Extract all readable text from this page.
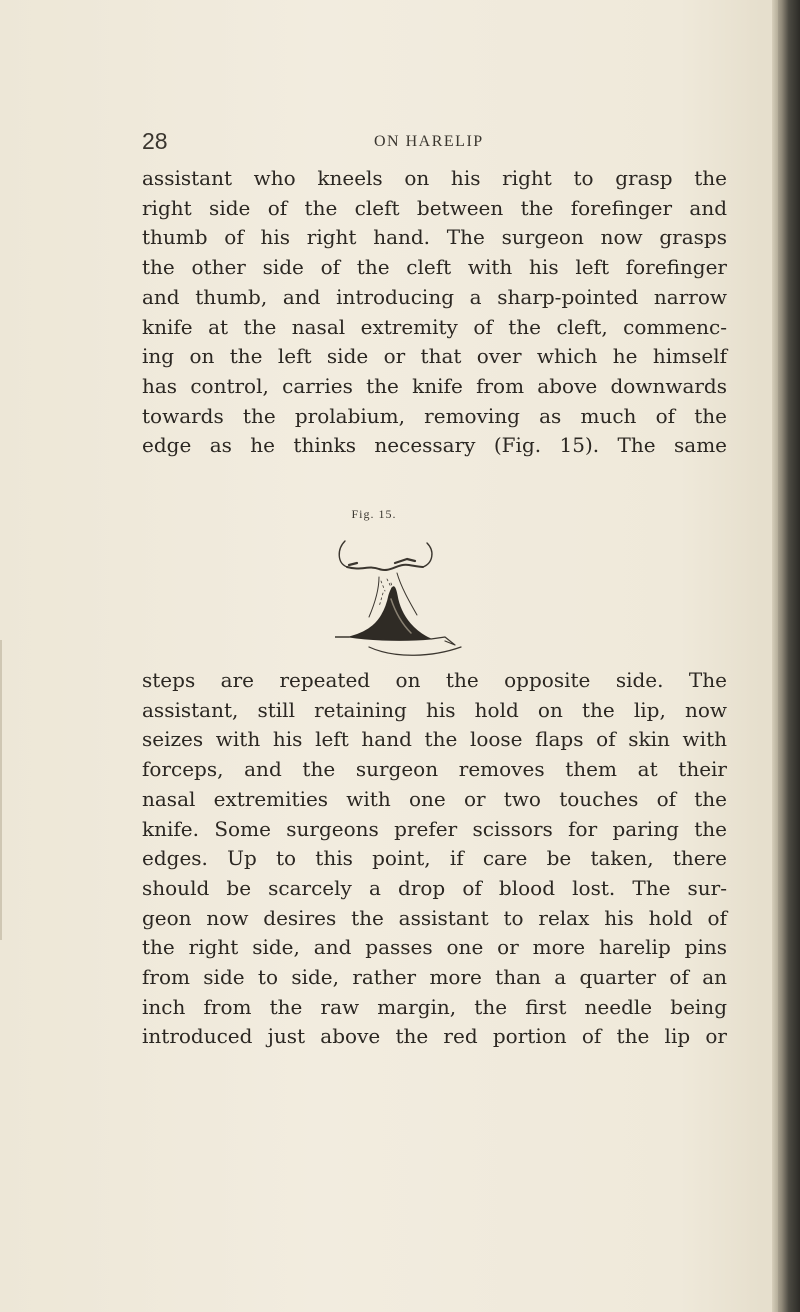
28	ON HARELIP

assistant who kneels on his right to grasp the
right side of the cleft between the forefinger and
thumb of his right hand. The surgeon now grasps
the other side of the cleft with his left forefinger
and thumb, and introducing a sharp-pointed narrow
knife at the nasal extremity of the cleft, commenc-
ing on the left side or that over which he himself
has control, carries the knife from above downwards
towards the prolabium, removing as much of the
edge as he thinks necessary (Fig. 15). The same

Fig. 15.

steps are repeated on the opposite side. The
assistant, still retaining his hold on the lip, now
seizes with his left hand the loose flaps of skin with
forceps, and the surgeon removes them at their
nasal extremities with one or two touches of the
knife. Some surgeons prefer scissors for paring the
edges. Up to this point, if care be taken, there
should be scarcely a drop of blood lost. The sur-
geon now desires the assistant to relax his hold of
the right side, and passes one or more harelip pins
from side to side, rather more than a quarter of an
inch from the raw margin, the first needle being
introduced just above the red portion of the lip or
